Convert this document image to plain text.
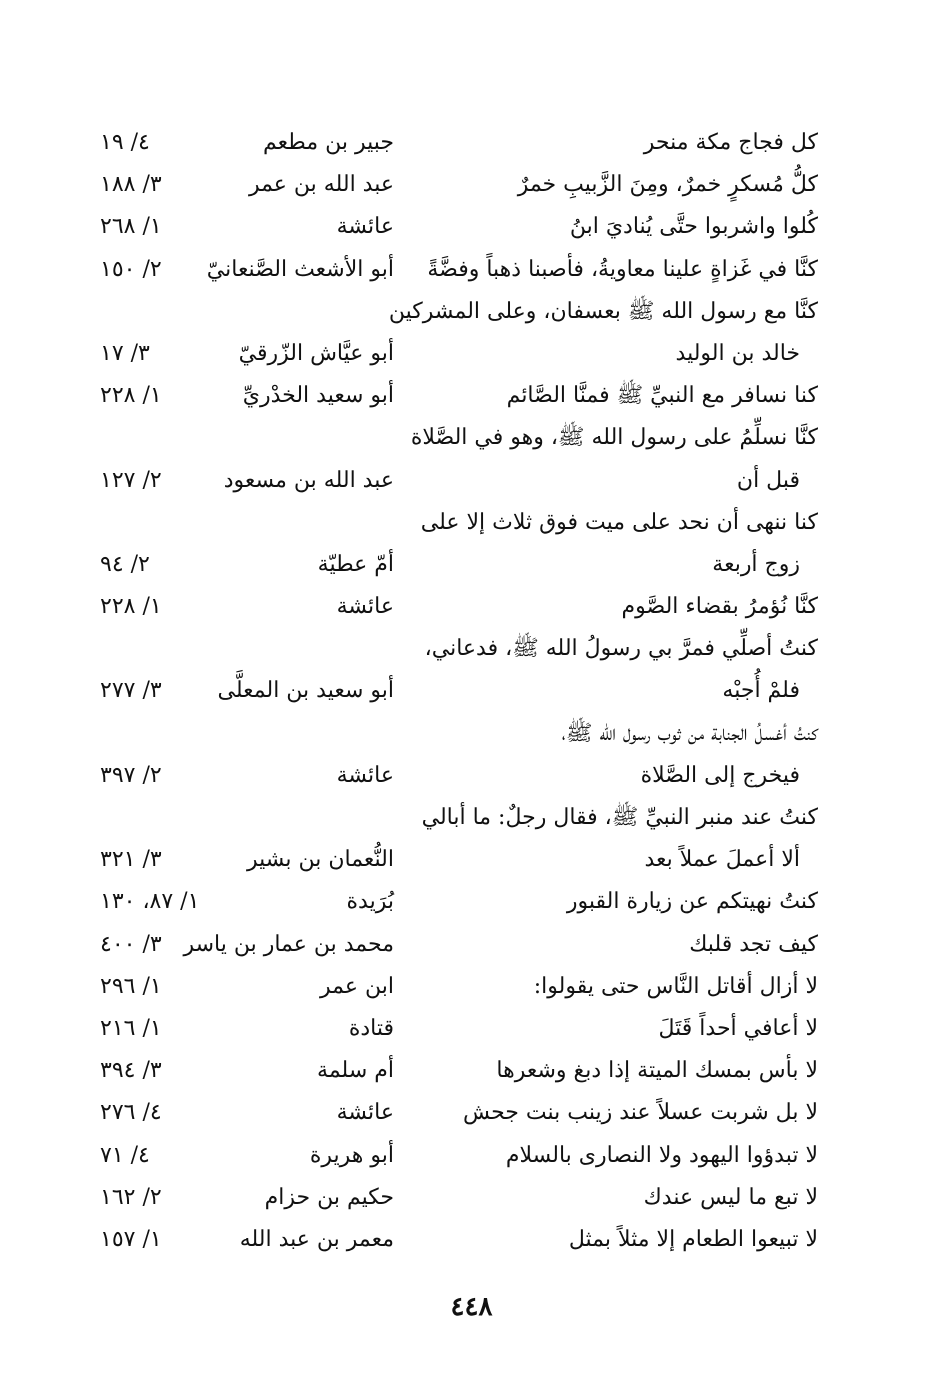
كل فجاج مكة منحر
جبير بن مطعم
٤/ ١٩
كلُّ مُسكرٍ خمرٌ، ومِنَ الزَّبيبِ خمرٌ
عبد الله بن عمر
٣/ ١٨٨
كُلوا واشربوا حتَّى يُناديَ ابنُ
عائشة
١/ ٢٦٨
كنَّا في غَزاةٍ علينا معاويةُ، فأصبنا ذهباً وفضَّةً
أبو الأشعث الصَّنعانيّ
٢/ ١٥٠
كنَّا مع رسول الله ﷺ بعسفان، وعلى المشركين
خالد بن الوليد
أبو عيَّاش الزّرقيّ
٣/ ١٧
كنا نسافر مع النبيِّ ﷺ فمنَّا الصَّائم
أبو سعيد الخدْريِّ
١/ ٢٢٨
كنَّا نسلِّمُ على رسول الله ﷺ، وهو في الصَّلاة
قبل أن
عبد الله بن مسعود
٢/ ١٢٧
كنا ننهى أن نحد على ميت فوق ثلاث إلا على
زوج أربعة
أمّ عطيّة
٢/ ٩٤
كنَّا نُؤمرُ بقضاء الصَّوم
عائشة
١/ ٢٢٨
كنتُ أصلِّي فمرَّ بي رسولُ الله ﷺ، فدعاني،
فلمْ أُجبْه
أبو سعيد بن المعلَّى
٣/ ٢٧٧
كنتُ أغسلُ الجنابة من ثوب رسول الله ﷺ،
فيخرج إلى الصَّلاة
عائشة
٢/ ٣٩٧
كنتُ عند منبر النبيِّ ﷺ، فقال رجلٌ: ما أبالي
ألا أعملَ عملاً بعد
النُّعمان بن بشير
٣/ ٣٢١
كنتُ نهيتكم عن زيارة القبور
بُرَيدة
١/ ٨٧، ١٣٠
كيف تجد قلبك
محمد بن عمار بن ياسر
٣/ ٤٠٠
لا أزال أقاتل النَّاس حتى يقولوا:
ابن عمر
١/ ٢٩٦
لا أعافي أحداً قَتَلَ
قتادة
١/ ٢١٦
لا بأس بمسك الميتة إذا دبغ وشعرها
أم سلمة
٣/ ٣٩٤
لا بل شربت عسلاً عند زينب بنت جحش
عائشة
٤/ ٢٧٦
لا تبدؤوا اليهود ولا النصارى بالسلام
أبو هريرة
٤/ ٧١
لا تبع ما ليس عندك
حكيم بن حزام
٢/ ١٦٢
لا تبيعوا الطعام إلا مثلاً بمثل
معمر بن عبد الله
١/ ١٥٧
٤٤٨
